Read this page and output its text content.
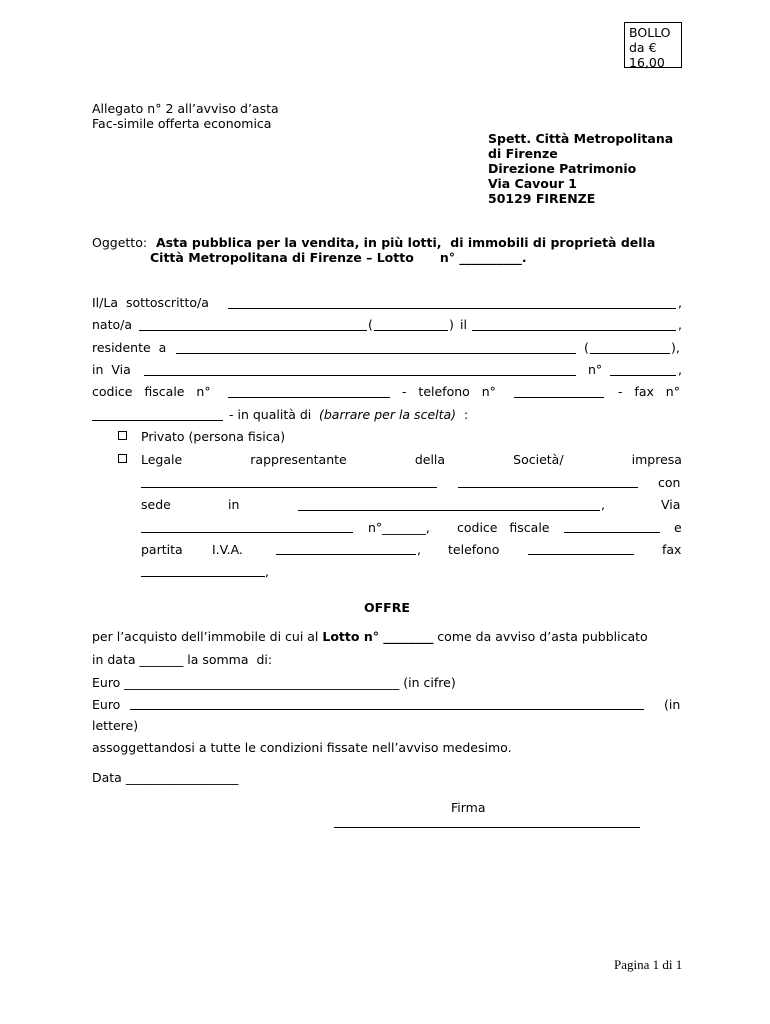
BOLLO da € 16,00
Allegato n° 2 all’avviso d’asta
Fac-simile offerta economica
Spett. Città Metropolitana
di Firenze
Direzione Patrimonio
Via Cavour 1
50129 FIRENZE
Oggetto: Asta pubblica per la vendita, in più lotti,  di immobili di proprietà della
Città Metropolitana di Firenze – Lotto      n° __________.
Il/La  sottoscritto/a	,
nato/a	(	) il	,
residente  a	(	),
in  Via	n°	,
codice   fiscale   n°	-   telefono   n°	-   fax   n°
- in qualità di (barrare per la scelta) :
Privato (persona fisica)
Legale	rappresentante	della	Società/	impresa
con
sede	in	,	Via
n°_______, codice   fiscale	e
partita I.V.A.	, telefono	fax
,
OFFRE
per l’acquisto dell’immobile di cui al Lotto n° ________ come da avviso d’asta pubblicato
in data _______ la somma  di:
Euro ____________________________________________ (in cifre)
Euro	(in
lettere)
assoggettandosi a tutte le condizioni fissate nell’avviso medesimo.
Data __________________
Firma
Pagina 1 di 1
